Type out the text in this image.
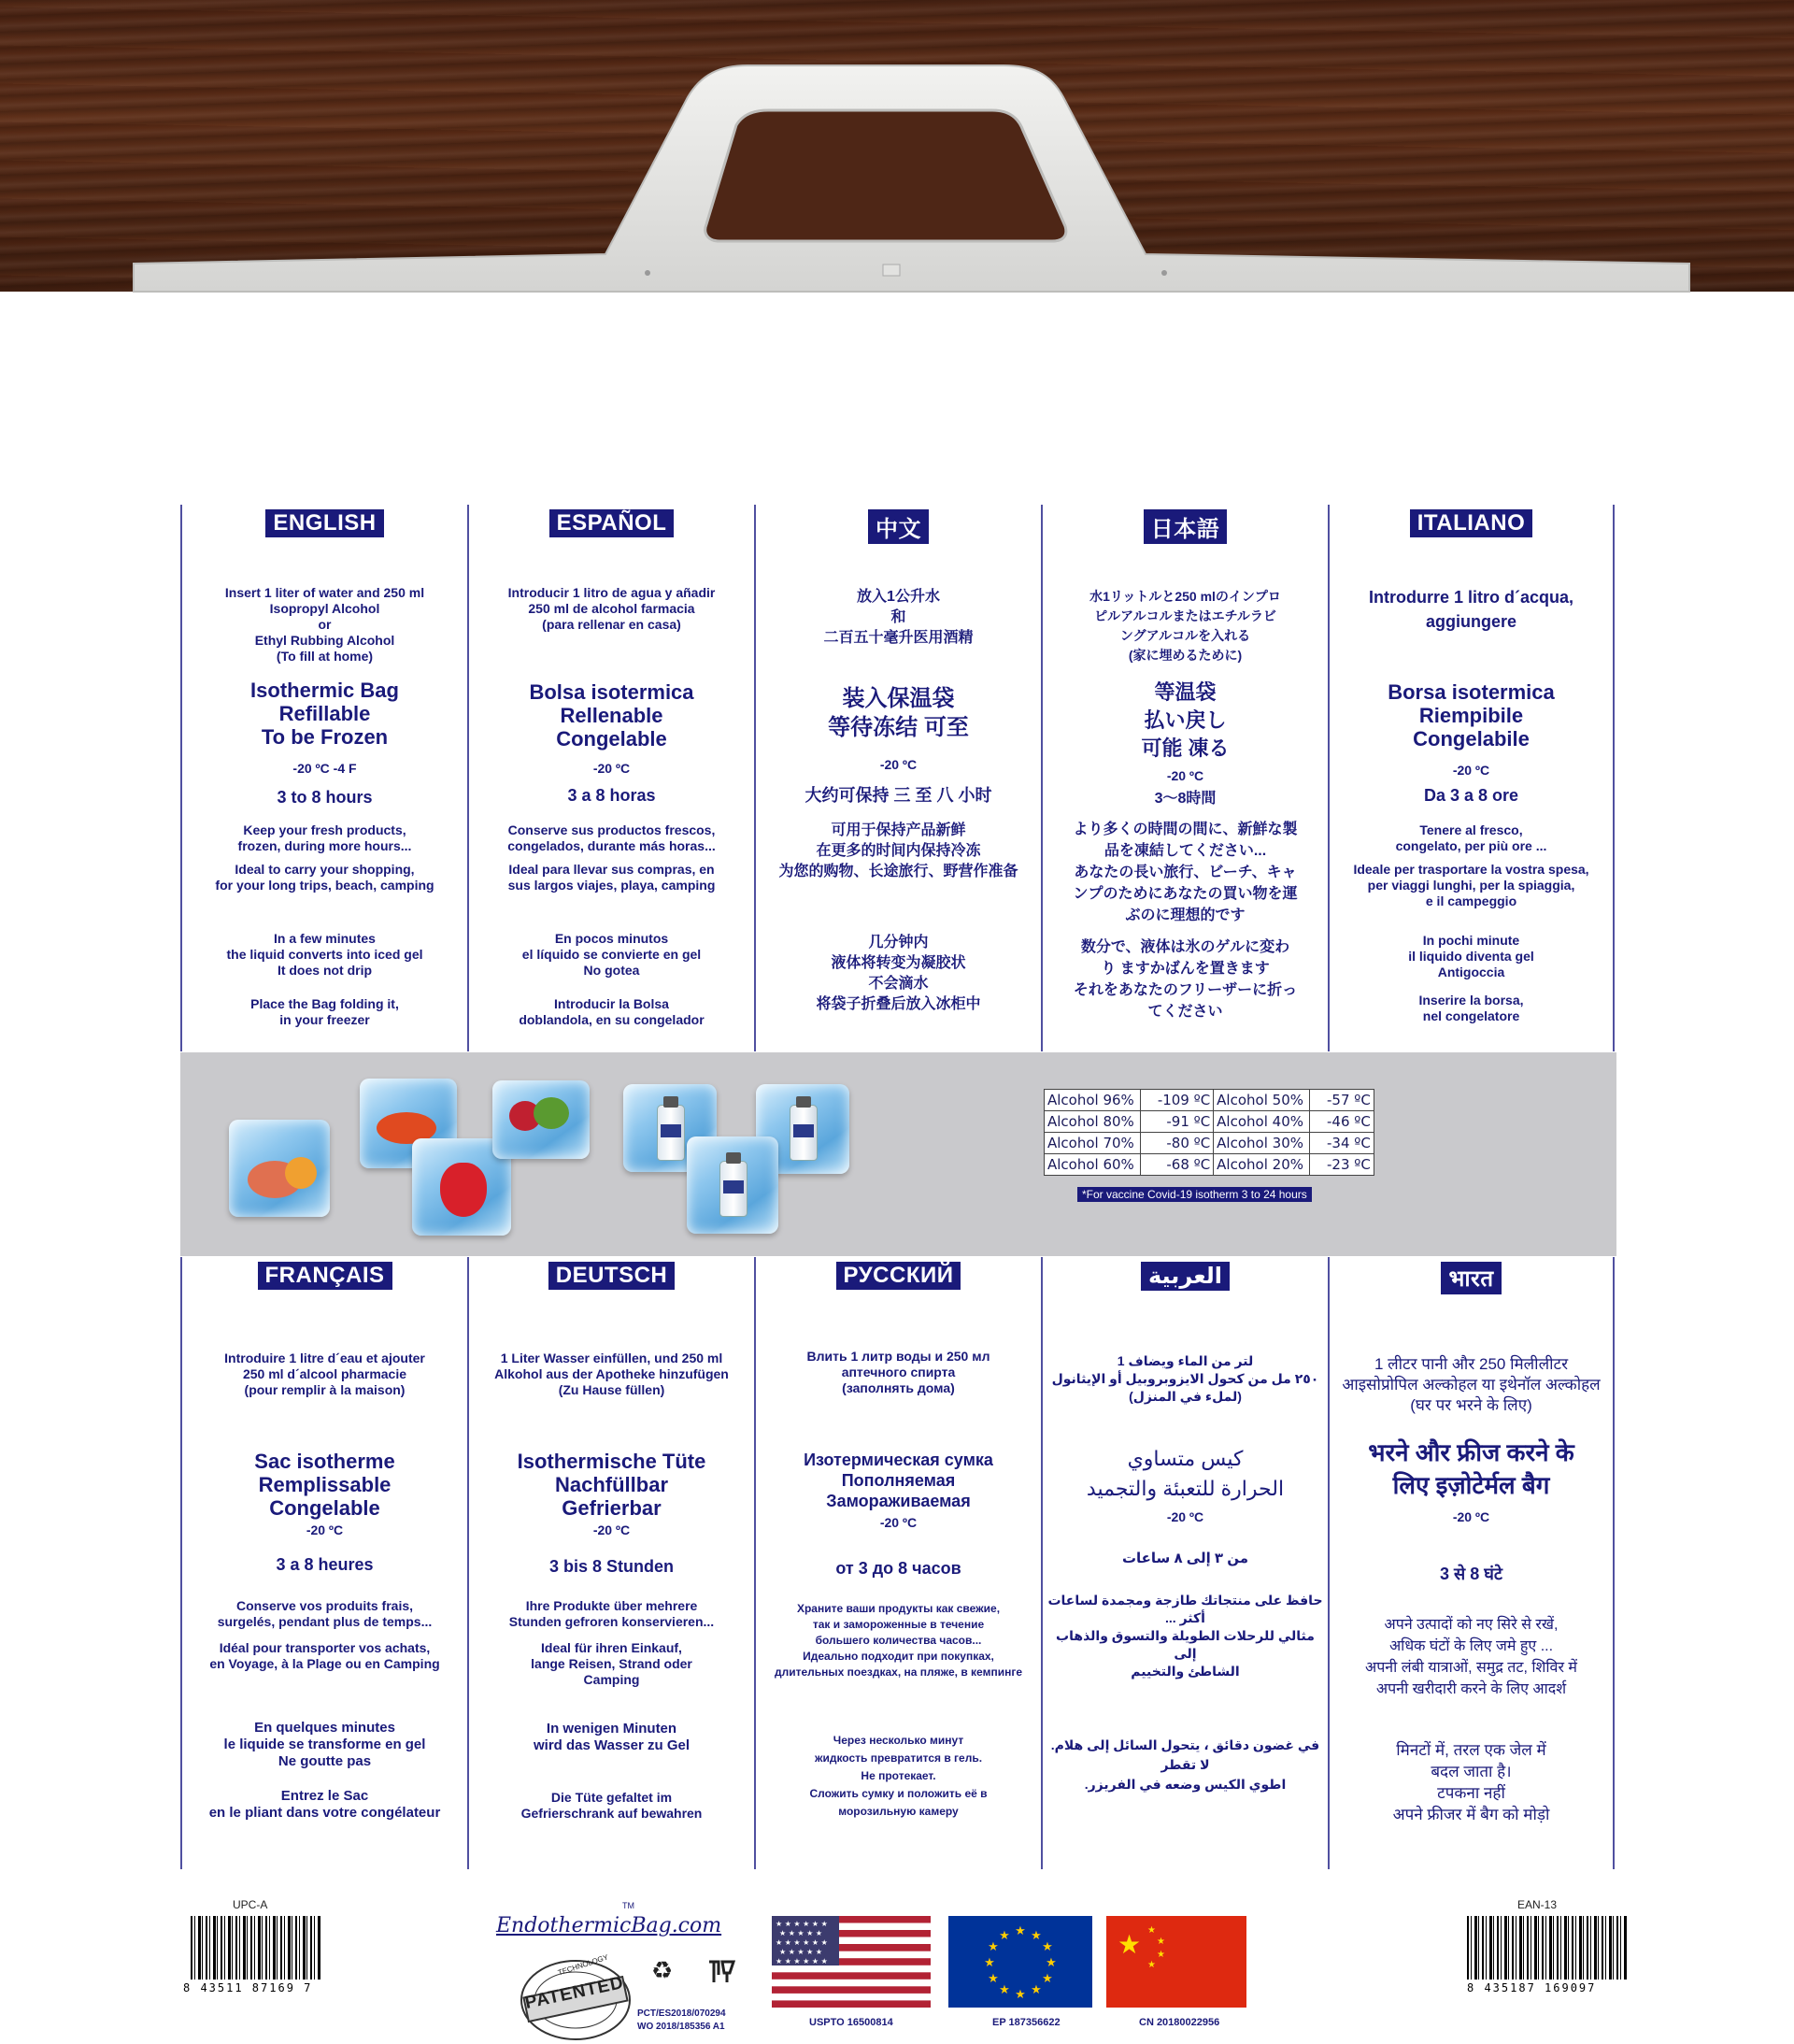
ENGLISH
Insert 1 liter of water and 250 ml
Isopropyl Alcohol
or
Ethyl Rubbing Alcohol
(To fill at home)
Isothermic Bag
Refillable
To be Frozen
-20 ºC -4 F
3 to 8 hours
Keep your fresh products,
frozen, during more hours...
Ideal to carry your shopping,
for your long trips, beach, camping
In a few minutes
the liquid converts into iced gel
It does not drip
Place the Bag folding it,
in your freezer
ESPAÑOL
Introducir 1 litro de agua y añadir
250 ml de alcohol farmacia
(para rellenar en casa)
Bolsa isotermica
Rellenable
Congelable
-20 ºC
3 a 8 horas
Conserve sus productos frescos,
congelados, durante más horas...
Ideal para llevar sus compras, en
sus largos viajes, playa, camping
En pocos minutos
el líquido se convierte en gel
No gotea
Introducir la Bolsa
doblandola, en su congelador
中文
放入1公升水
和
二百五十毫升医用酒精
装入保温袋
等待冻结 可至
-20 ºC
大约可保持 三 至 八 小时
可用于保持产品新鲜
在更多的时间内保持冷冻
为您的购物、长途旅行、野营作准备
几分钟内
液体将转变为凝胶状
不会滴水
将袋子折叠后放入冰柜中
日本語
水1リットルと250 mlのインプロ
ピルアルコルまたはエチルラビ
ングアルコルを入れる
(家に埋めるために)
等温袋
払い戻し
可能 凍る
-20 ºC
3～8時間
より多くの時間の間に、新鮮な製
品を凍結してください...
あなたの長い旅行、ビーチ、キャ
ンプのためにあなたの買い物を運
ぶのに理想的です
数分で、液体は氷のゲルに変わ
り ますかばんを置きます
それをあなたのフリーザーに折っ
てください
ITALIANO
Introdurre 1 litro d´acqua,
aggiungere
Borsa isotermica
Riempibile
Congelabile
-20 ºC
Da 3 a 8 ore
Tenere al fresco,
congelato, per più ore ...
Ideale per trasportare la vostra spesa,
per viaggi lunghi, per la spiaggia,
e il campeggio
In pochi minute
il liquido diventa gel
Antigoccia
Inserire la borsa,
nel congelatore
Alcohol 96%	-109 ºC	Alcohol 50%	-57 ºC
Alcohol 80%	-91 ºC	Alcohol 40%	-46 ºC
Alcohol 70%	-80 ºC	Alcohol 30%	-34 ºC
Alcohol 60%	-68 ºC	Alcohol 20%	-23 ºC
*For vaccine Covid-19 isotherm 3 to 24 hours
FRANÇAIS
Introduire 1 litre d´eau et ajouter
250 ml d´alcool pharmacie
(pour remplir à la maison)
Sac isotherme
Remplissable
Congelable
-20 ºC
3 a 8 heures
Conserve vos produits frais,
surgelés, pendant plus de temps...
Idéal pour transporter vos achats,
en Voyage, à la Plage ou en Camping
En quelques minutes
le liquide se transforme en gel
Ne goutte pas
Entrez le Sac
en le pliant dans votre congélateur
DEUTSCH
1 Liter Wasser einfüllen, und 250 ml
Alkohol aus der Apotheke hinzufügen
(Zu Hause füllen)
Isothermische Tüte
Nachfüllbar
Gefrierbar
-20 ºC
3 bis 8 Stunden
Ihre Produkte über mehrere
Stunden gefroren konservieren...
Ideal für ihren Einkauf,
lange Reisen, Strand oder
Camping
In wenigen Minuten
wird das Wasser zu Gel
Die Tüte gefaltet im
Gefrierschrank auf bewahren
РУССКИЙ
Влить 1 литр воды и 250 мл
аптечного спирта
(заполнять дома)
Изотермическая сумка
Пополняемая
Замораживаемая
-20 ºC
от 3 до 8 часов
Храните ваши продукты как свежие,
так и замороженные в течение
большего количества часов...
Идеально подходит при покупках,
длительных поездках, на пляже, в кемпинге
Через несколько минут
жидкость превратится в гель.
Не протекает.
Сложить сумку и положить её в
морозильную камеру
العربية
لتر من الماء ويضاف 1
٢٥٠ مل من كحول الايزوبروبيل أو الإيثانول
(لملء في المنزل)
كيس متساوي
الحرارة للتعبئة والتجميد
-20 ºC
من ٣ إلى ٨ ساعات
حافظ على منتجاتك طازجة ومجمدة لساعات أكثر ...
مثالي للرحلات الطويلة والتسوق والذهاب إلى
الشاطئ والتخييم
في غضون دقائق ، يتحول السائل إلى هلام.
لا تقطر
اطوي الكيس وضعه في الفريزر.
भारत
1 लीटर पानी और 250 मिलीलीटर
आइसोप्रोपिल अल्कोहल या इथेनॉल अल्कोहल
(घर पर भरने के लिए)
भरने और फ्रीज करने के
लिए इज़ोटेर्मल बैग
-20 ºC
3 से 8 घंटे
अपने उत्पादों को नए सिरे से रखें,
अधिक घंटों के लिए जमे हुए ...
अपनी लंबी यात्राओं, समुद्र तट, शिविर में
अपनी खरीदारी करने के लिए आदर्श
मिनटों में, तरल एक जेल में
बदल जाता है।
टपकना नहीं
अपने फ्रीजर में बैग को मोड़ो
UPC-A
8 43511 87169 7
EndothermicBag.com
TM
PATENTED
TECHNOLOGY ♻
PCT/ES2018/070294
WO 2018/185356 A1
★ ★ ★ ★ ★ ★
★ ★ ★ ★ ★
★ ★ ★ ★ ★ ★
★ ★ ★ ★ ★
★ ★ ★ ★ ★ ★
USPTO 16500814
★ ★
★
★
★
★
★
★
★
★
★
★
EP 187356622
★ ★
★
★
★
CN 20180022956
EAN-13
8 435187 169097
